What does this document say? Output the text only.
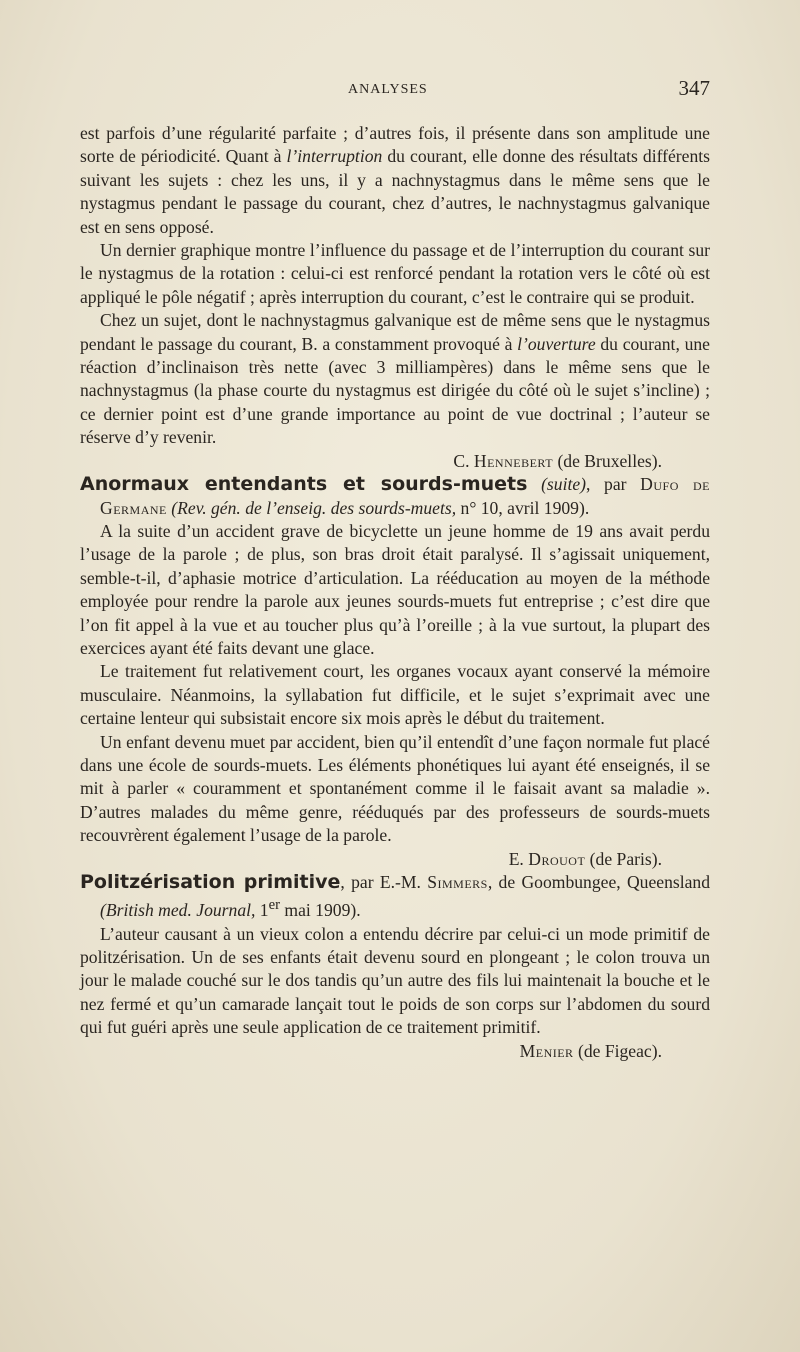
ANALYSES	347

est parfois d’une régularité parfaite ; d’autres fois, il présente dans son amplitude une sorte de périodicité. Quant à l’interruption du courant, elle donne des résultats différents suivant les sujets : chez les uns, il y a nachnystagmus dans le même sens que le nystagmus pendant le passage du courant, chez d’autres, le nachnystagmus galvanique est en sens opposé.

Un dernier graphique montre l’influence du passage et de l’interruption du courant sur le nystagmus de la rotation : celui-ci est renforcé pendant la rotation vers le côté où est appliqué le pôle négatif ; après interruption du courant, c’est le contraire qui se produit.

Chez un sujet, dont le nachnystagmus galvanique est de même sens que le nystagmus pendant le passage du courant, B. a constamment provoqué à l’ouverture du courant, une réaction d’inclinaison très nette (avec 3 milliampères) dans le même sens que le nachnystagmus (la phase courte du nystagmus est dirigée du côté où le sujet s’incline) ; ce dernier point est d’une grande importance au point de vue doctrinal ; l’auteur se réserve d’y revenir.

C. Hennebert (de Bruxelles).

Anormaux entendants et sourds-muets (suite), par Dufo de Germane (Rev. gén. de l’enseig. des sourds-muets, n° 10, avril 1909).

A la suite d’un accident grave de bicyclette un jeune homme de 19 ans avait perdu l’usage de la parole ; de plus, son bras droit était paralysé. Il s’agissait uniquement, semble-t-il, d’aphasie motrice d’articulation. La rééducation au moyen de la méthode employée pour rendre la parole aux jeunes sourds-muets fut entreprise ; c’est dire que l’on fit appel à la vue et au toucher plus qu’à l’oreille ; à la vue surtout, la plupart des exercices ayant été faits devant une glace.

Le traitement fut relativement court, les organes vocaux ayant conservé la mémoire musculaire. Néanmoins, la syllabation fut difficile, et le sujet s’exprimait avec une certaine lenteur qui subsistait encore six mois après le début du traitement.

Un enfant devenu muet par accident, bien qu’il entendît d’une façon normale fut placé dans une école de sourds-muets. Les éléments phonétiques lui ayant été enseignés, il se mit à parler « couramment et spontanément comme il le faisait avant sa maladie ». D’autres malades du même genre, rééduqués par des professeurs de sourds-muets recouvrèrent également l’usage de la parole.

E. Drouot (de Paris).

Politzérisation primitive, par E.-M. Simmers, de Goombungee, Queensland (British med. Journal, 1er mai 1909).

L’auteur causant à un vieux colon a entendu décrire par celui-ci un mode primitif de politzérisation. Un de ses enfants était devenu sourd en plongeant ; le colon trouva un jour le malade couché sur le dos tandis qu’un autre des fils lui maintenait la bouche et le nez fermé et qu’un camarade lançait tout le poids de son corps sur l’abdomen du sourd qui fut guéri après une seule application de ce traitement primitif.
Menier (de Figeac).
